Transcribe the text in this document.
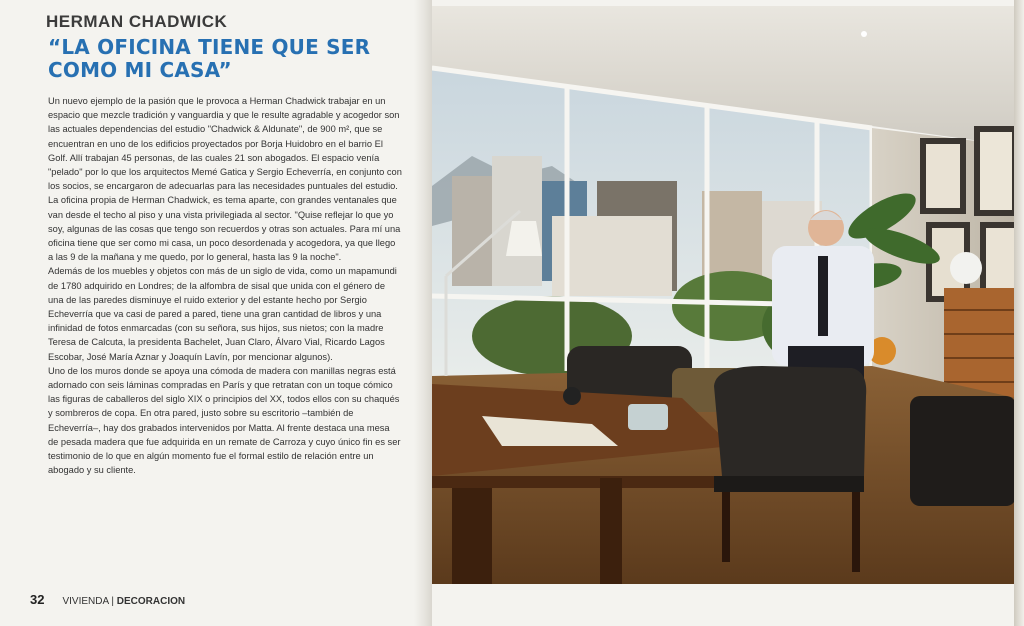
HERMAN CHADWICK
“LA OFICINA TIENE QUE SER
COMO MI CASA”

Un nuevo ejemplo de la pasión que le provoca a Herman Chadwick trabajar en un espacio que mezcle tradición y vanguardia y que le resulte agradable y acogedor son las actuales dependencias del estudio "Chadwick & Aldunate", de 900 m², que se encuentran en uno de los edificios proyectados por Borja Huidobro en el barrio El Golf. Allí trabajan 45 personas, de las cuales 21 son abogados. El espacio venía "pelado" por lo que los arquitectos Memé Gatica y Sergio Echeverría, en conjunto con los socios, se encargaron de adecuarlas para las necesidades puntuales del estudio.

La oficina propia de Herman Chadwick, es tema aparte, con grandes ventanales que van desde el techo al piso y una vista privilegiada al sector. "Quise reflejar lo que yo soy, algunas de las cosas que tengo son recuerdos y otras son actuales. Para mí una oficina tiene que ser como mi casa, un poco desordenada y acogedora, ya que llego a las 9 de la mañana y me quedo, por lo general, hasta las 9 la noche".

Además de los muebles y objetos con más de un siglo de vida, como un mapamundi de 1780 adquirido en Londres; de la alfombra de sisal que unida con el género de una de las paredes disminuye el ruido exterior y del estante hecho por Sergio Echeverría que va casi de pared a pared, tiene una gran cantidad de libros y una infinidad de fotos enmarcadas (con su señora, sus hijos, sus nietos; con la madre Teresa de Calcuta, la presidenta Bachelet, Juan Claro, Álvaro Vial, Ricardo Lagos Escobar, José María Aznar y Joaquín Lavín, por mencionar algunos).

Uno de los muros donde se apoya una cómoda de madera con manillas negras está adornado con seis láminas compradas en París y que retratan con un toque cómico las figuras de caballeros del siglo XIX o principios del XX, todos ellos con su chaqués y sombreros de copa. En otra pared, justo sobre su escritorio –también de Echeverría–, hay dos grabados intervenidos por Matta. Al frente destaca una mesa de pesada madera que fue adquirida en un remate de Carroza y cuyo único fin es ser testimonio de lo que en algún momento fue el formal estilo de relación entre un abogado y su cliente.

32 VIVIENDA | DECORACION
